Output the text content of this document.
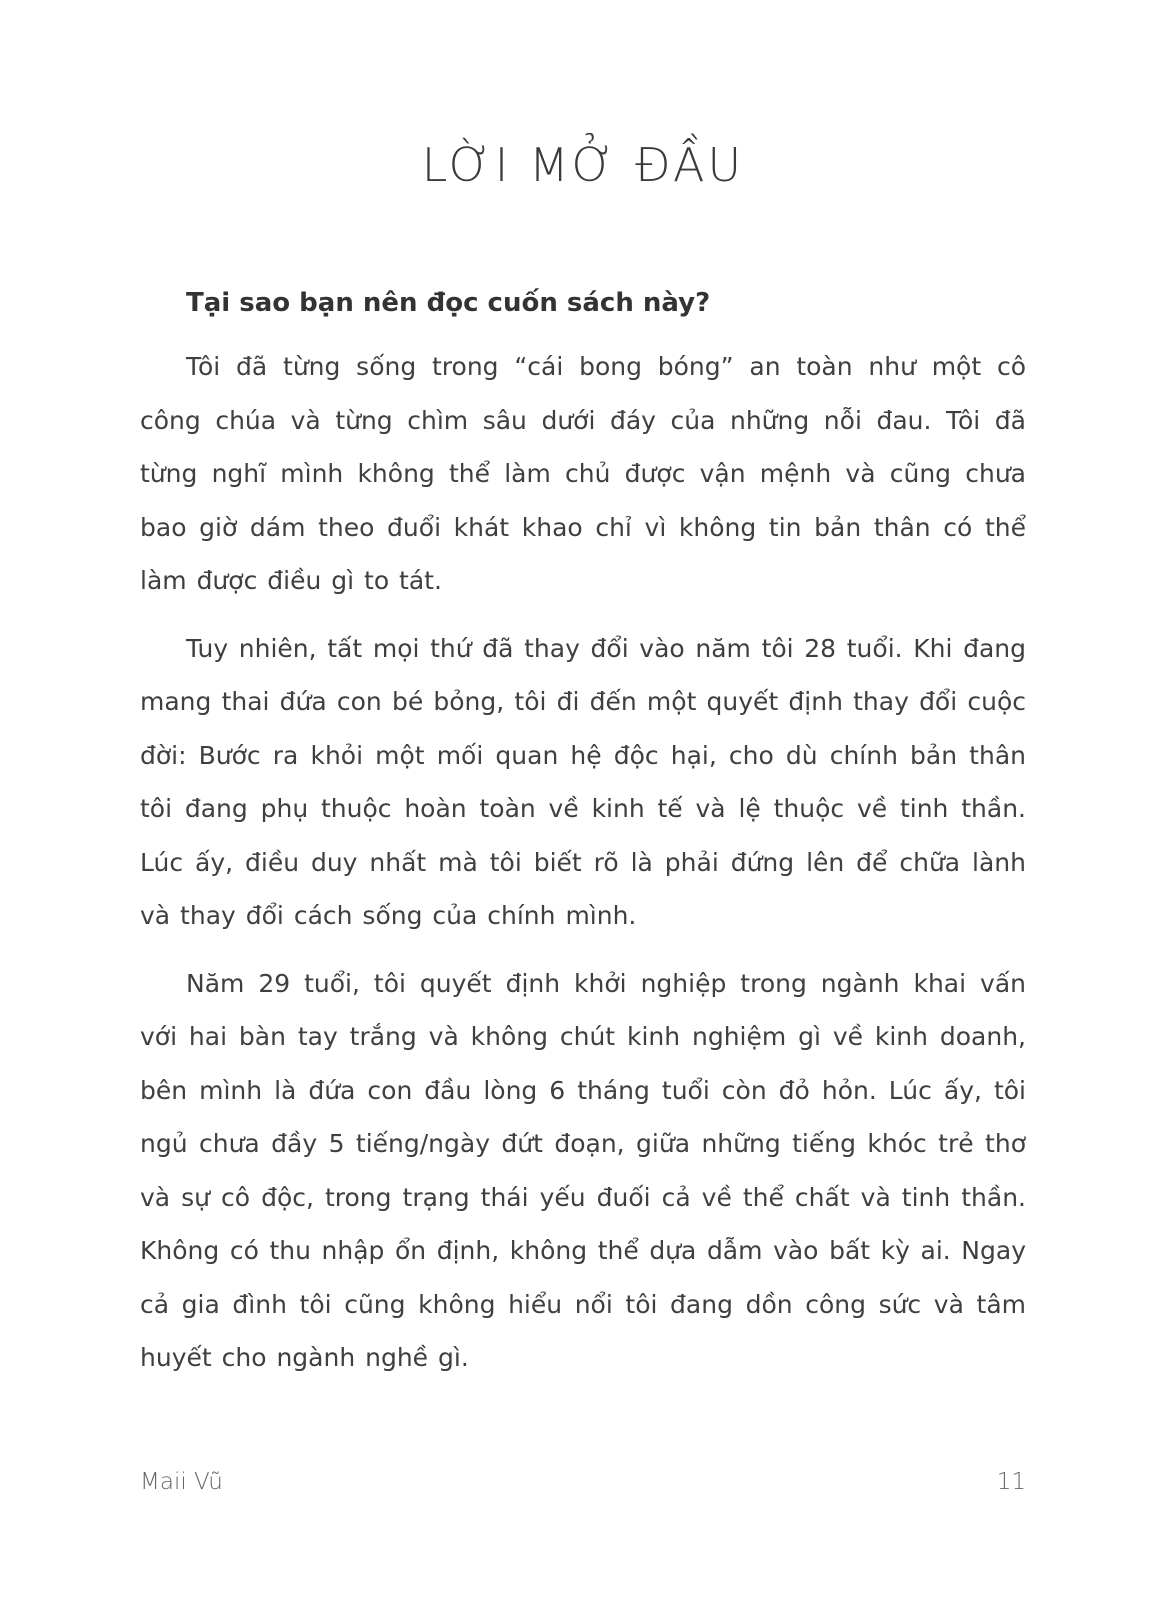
LỜI MỞ ĐẦU
Tại sao bạn nên đọc cuốn sách này?

Tôi đã từng sống trong “cái bong bóng” an toàn như một cô công chúa và từng chìm sâu dưới đáy của những nỗi đau. Tôi đã từng nghĩ mình không thể làm chủ được vận mệnh và cũng chưa bao giờ dám theo đuổi khát khao chỉ vì không tin bản thân có thể làm được điều gì to tát.

Tuy nhiên, tất mọi thứ đã thay đổi vào năm tôi 28 tuổi. Khi đang mang thai đứa con bé bỏng, tôi đi đến một quyết định thay đổi cuộc đời: Bước ra khỏi một mối quan hệ độc hại, cho dù chính bản thân tôi đang phụ thuộc hoàn toàn về kinh tế và lệ thuộc về tinh thần. Lúc ấy, điều duy nhất mà tôi biết rõ là phải đứng lên để chữa lành và thay đổi cách sống của chính mình.

Năm 29 tuổi, tôi quyết định khởi nghiệp trong ngành khai vấn với hai bàn tay trắng và không chút kinh nghiệm gì về kinh doanh, bên mình là đứa con đầu lòng 6 tháng tuổi còn đỏ hỏn. Lúc ấy, tôi ngủ chưa đầy 5 tiếng/ngày đứt đoạn, giữa những tiếng khóc trẻ thơ và sự cô độc, trong trạng thái yếu đuối cả về thể chất và tinh thần. Không có thu nhập ổn định, không thể dựa dẫm vào bất kỳ ai. Ngay cả gia đình tôi cũng không hiểu nổi tôi đang dồn công sức và tâm huyết cho ngành nghề gì.

Maii Vũ	11
